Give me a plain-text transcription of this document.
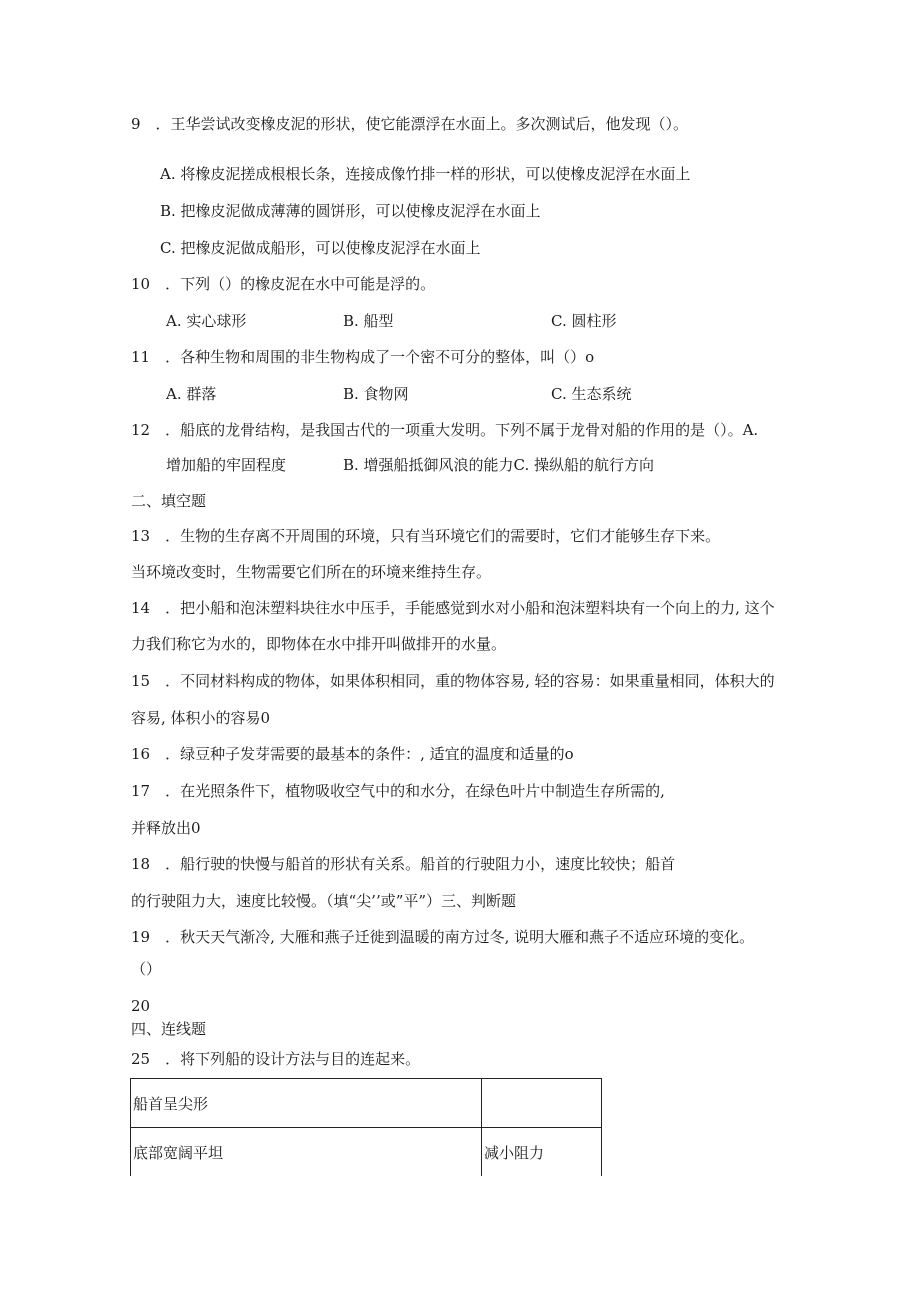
9　．王华尝试改变橡皮泥的形状，使它能漂浮在水面上。多次测试后，他发现（）。
A. 将橡皮泥搓成根根长条，连接成像竹排一样的形状，可以使橡皮泥浮在水面上
B. 把橡皮泥做成薄薄的圆饼形，可以使橡皮泥浮在水面上
C. 把橡皮泥做成船形，可以使橡皮泥浮在水面上
10　．下列（）的橡皮泥在水中可能是浮的。
A. 实心球形	B. 船型	C. 圆柱形
11　．各种生物和周围的非生物构成了一个密不可分的整体，叫（）o
A. 群落	B. 食物网	C. 生态系统
12　．船底的龙骨结构，是我国古代的一项重大发明。下列不属于龙骨对船的作用的是（）。A.
增加船的牢固程度	B. 增强船抵御风浪的能力C. 操纵船的航行方向
二、填空题
13　．生物的生存离不开周围的环境，只有当环境它们的需要时，它们才能够生存下来。
当环境改变时，生物需要它们所在的环境来维持生存。
14　．把小船和泡沫塑料块往水中压手，手能感觉到水对小船和泡沫塑料块有一个向上的力, 这个
力我们称它为水的，即物体在水中排开叫做排开的水量。
15　．不同材料构成的物体，如果体积相同，重的物体容易, 轻的容易：如果重量相同，体积大的
容易, 体积小的容易0
16　．绿豆种子发芽需要的最基本的条件：, 适宜的温度和适量的o
17　．在光照条件下，植物吸收空气中的和水分，在绿色叶片中制造生存所需的,
并释放出0
18　．船行驶的快慢与船首的形状有关系。船首的行驶阻力小，速度比较快；船首
的行驶阻力大，速度比较慢。（填“尖’’或”平”）三、判断题
19　．秋天天气渐冷, 大雁和燕子迁徙到温暖的南方过冬, 说明大雁和燕子不适应环境的变化。
（）
20
四、连线题
25　．将下列船的设计方法与目的连起来。
船首呈尖形	
底部宽阔平坦	减小阻力
